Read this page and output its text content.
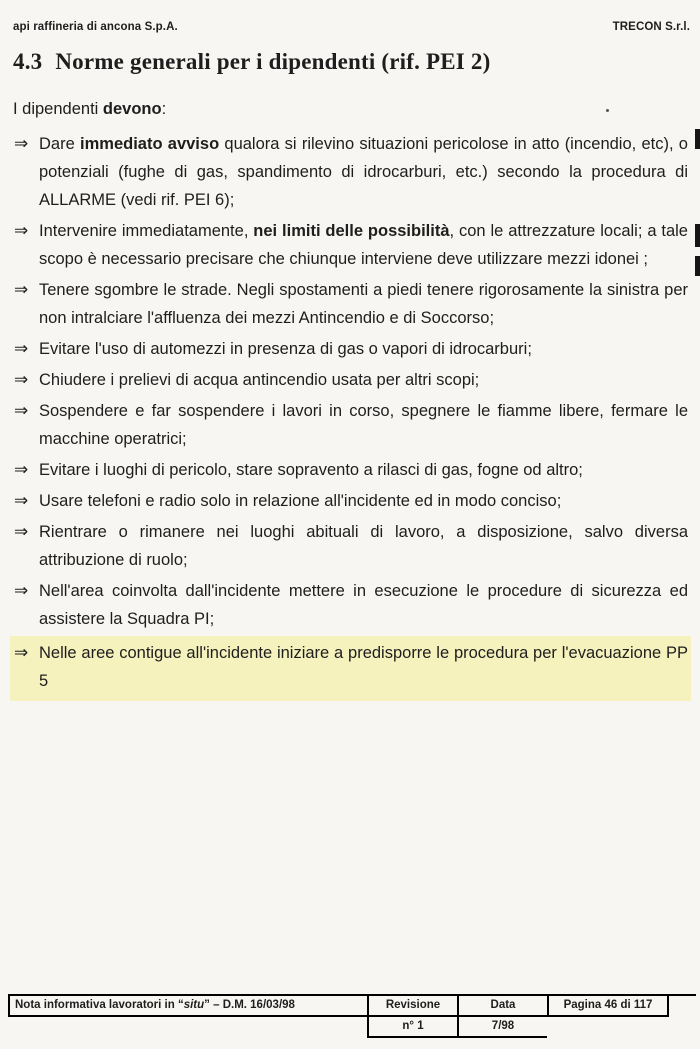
api raffineria di ancona S.p.A.	TRECON S.r.l.
4.3 Norme generali per i dipendenti (rif. PEI 2)

I dipendenti devono:

⇒ Dare immediato avviso qualora si rilevino situazioni pericolose in atto (incendio, etc), o potenziali (fughe di gas, spandimento di idrocarburi, etc.) secondo la procedura di ALLARME (vedi rif. PEI 6);
⇒ Intervenire immediatamente, nei limiti delle possibilità, con le attrezzature locali; a tale scopo è necessario precisare che chiunque interviene deve utilizzare mezzi idonei ;
⇒ Tenere sgombre le strade. Negli spostamenti a piedi tenere rigorosamente la sinistra per non intralciare l'affluenza dei mezzi Antincendio e di Soccorso;
⇒ Evitare l'uso di automezzi in presenza di gas o vapori di idrocarburi;
⇒ Chiudere i prelievi di acqua antincendio usata per altri scopi;
⇒ Sospendere e far sospendere i lavori in corso, spegnere le fiamme libere, fermare le macchine operatrici;
⇒ Evitare i luoghi di pericolo, stare sopravento a rilasci di gas, fogne od altro;
⇒ Usare telefoni e radio solo in relazione all'incidente ed in modo conciso;
⇒ Rientrare o rimanere nei luoghi abituali di lavoro, a disposizione, salvo diversa attribuzione di ruolo;
⇒ Nell'area coinvolta dall'incidente mettere in esecuzione le procedure di sicurezza ed assistere la Squadra PI;
⇒ Nelle aree contigue all'incidente iniziare a predisporre le procedura per l'evacuazione PP 5
Nota informativa lavoratori in “situ” – D.M. 16/03/98	Revisione
n° 1
Data
7/98
Pagina 46 di 117
